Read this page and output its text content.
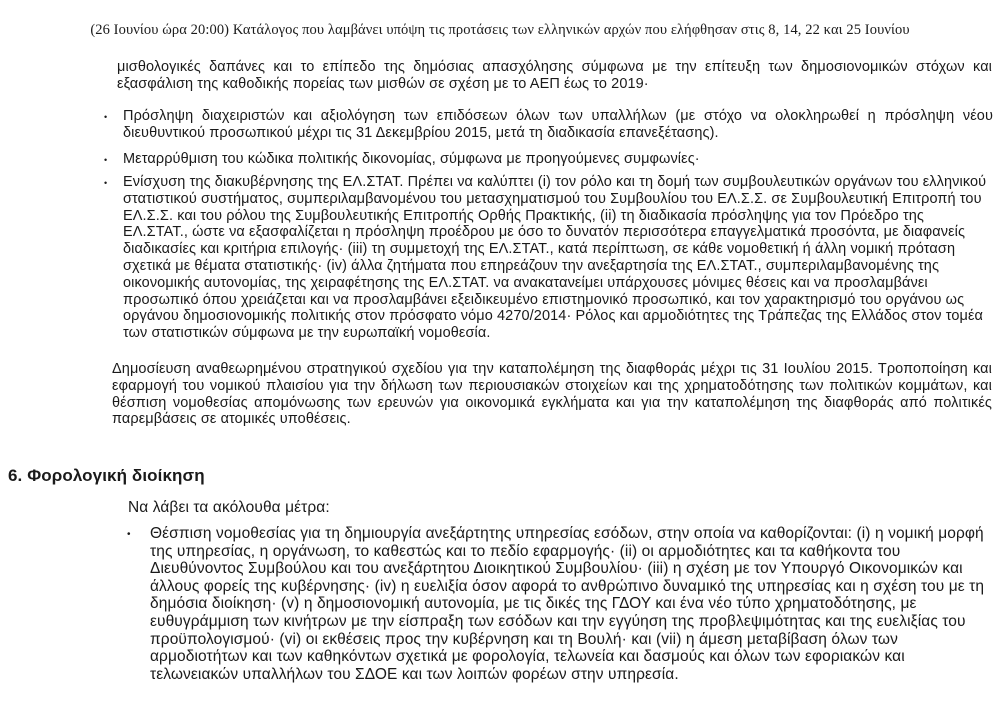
(26 Ιουνίου ώρα 20:00) Κατάλογος που λαμβάνει υπόψη τις προτάσεις των ελληνικών αρχών που ελήφθησαν στις 8, 14, 22 και 25 Ιουνίου

μισθολογικές δαπάνες και το επίπεδο της δημόσιας απασχόλησης σύμφωνα με την επίτευξη των δημοσιονομικών στόχων και εξασφάλιση της καθοδικής πορείας των μισθών σε σχέση με το ΑΕΠ έως το 2019·

•	Πρόσληψη διαχειριστών και αξιολόγηση των επιδόσεων όλων των υπαλλήλων (με στόχο να ολοκληρωθεί η πρόσληψη νέου διευθυντικού προσωπικού μέχρι τις 31 Δεκεμβρίου 2015, μετά τη διαδικασία επανεξέτασης).
•	Μεταρρύθμιση του κώδικα πολιτικής δικονομίας, σύμφωνα με προηγούμενες συμφωνίες·
•	Ενίσχυση της διακυβέρνησης της ΕΛ.ΣΤΑΤ. Πρέπει να καλύπτει (i) τον ρόλο και τη δομή των συμβουλευτικών οργάνων του ελληνικού στατιστικού συστήματος, συμπεριλαμβανομένου του μετασχηματισμού του Συμβουλίου του ΕΛ.Σ.Σ. σε Συμβουλευτική Επιτροπή του ΕΛ.Σ.Σ. και του ρόλου της Συμβουλευτικής Επιτροπής Ορθής Πρακτικής, (ii) τη διαδικασία πρόσληψης για τον Πρόεδρο της ΕΛ.ΣΤΑΤ., ώστε να εξασφαλίζεται η πρόσληψη προέδρου με όσο το δυνατόν περισσότερα επαγγελματικά προσόντα, με διαφανείς διαδικασίες και κριτήρια επιλογής· (iii) τη συμμετοχή της ΕΛ.ΣΤΑΤ., κατά περίπτωση, σε κάθε νομοθετική ή άλλη νομική πρόταση σχετικά με θέματα στατιστικής· (iv) άλλα ζητήματα που επηρεάζουν την ανεξαρτησία της ΕΛ.ΣΤΑΤ., συμπεριλαμβανομένης της οικονομικής αυτονομίας, της χειραφέτησης της ΕΛ.ΣΤΑΤ. να ανακατανείμει υπάρχουσες μόνιμες θέσεις και να προσλαμβάνει προσωπικό όπου χρειάζεται και να προσλαμβάνει εξειδικευμένο επιστημονικό προσωπικό, και τον χαρακτηρισμό του οργάνου ως οργάνου δημοσιονομικής πολιτικής στον πρόσφατο νόμο 4270/2014· Ρόλος και αρμοδιότητες της Τράπεζας της Ελλάδος στον τομέα των στατιστικών σύμφωνα με την ευρωπαϊκή νομοθεσία.

Δημοσίευση αναθεωρημένου στρατηγικού σχεδίου για την καταπολέμηση της διαφθοράς μέχρι τις 31 Ιουλίου 2015. Τροποποίηση και εφαρμογή του νομικού πλαισίου για την δήλωση των περιουσιακών στοιχείων και της χρηματοδότησης των πολιτικών κομμάτων, και θέσπιση νομοθεσίας απομόνωσης των ερευνών για οικονομικά εγκλήματα και για την καταπολέμηση της διαφθοράς από πολιτικές παρεμβάσεις σε ατομικές υποθέσεις.

6. Φορολογική διοίκηση

Να λάβει τα ακόλουθα μέτρα:

•	Θέσπιση νομοθεσίας για τη δημιουργία ανεξάρτητης υπηρεσίας εσόδων, στην οποία να καθορίζονται: (i) η νομική μορφή της υπηρεσίας, η οργάνωση, το καθεστώς και το πεδίο εφαρμογής· (ii) οι αρμοδιότητες και τα καθήκοντα του Διευθύνοντος Συμβούλου και του ανεξάρτητου Διοικητικού Συμβουλίου· (iii) η σχέση με τον Υπουργό Οικονομικών και άλλους φορείς της κυβέρνησης· (iv) η ευελιξία όσον αφορά το ανθρώπινο δυναμικό της υπηρεσίας και η σχέση του με τη δημόσια διοίκηση· (v) η δημοσιονομική αυτονομία, με τις δικές της ΓΔΟΥ και ένα νέο τύπο χρηματοδότησης, με ευθυγράμμιση των κινήτρων με την είσπραξη των εσόδων και την εγγύηση της προβλεψιμότητας και της ευελιξίας του προϋπολογισμού· (vi) οι εκθέσεις προς την κυβέρνηση και τη Βουλή· και (vii) η άμεση μεταβίβαση όλων των αρμοδιοτήτων και των καθηκόντων σχετικά με φορολογία, τελωνεία και δασμούς και όλων των εφοριακών και τελωνειακών υπαλλήλων του ΣΔΟΕ και των λοιπών φορέων στην υπηρεσία.
